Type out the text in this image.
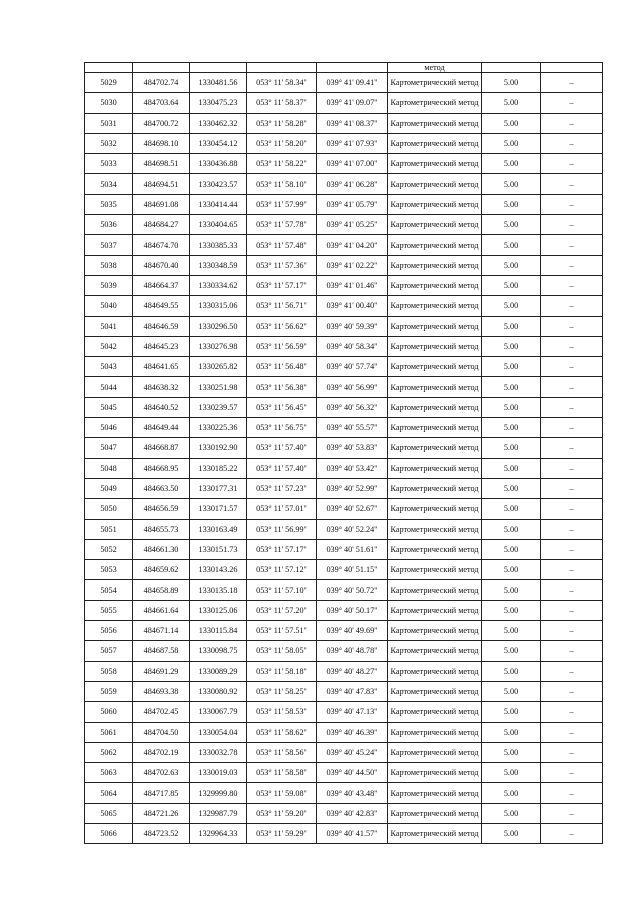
					метод		
5029	484702.74	1330481.56	053° 11' 58.34"	039° 41' 09.41"	Картометрический метод	5.00	–
5030	484703.64	1330475.23	053° 11' 58.37"	039° 41' 09.07"	Картометрический метод	5.00	–
5031	484700.72	1330462.32	053° 11' 58.28"	039° 41' 08.37"	Картометрический метод	5.00	–
5032	484698.10	1330454.12	053° 11' 58.20"	039° 41' 07.93"	Картометрический метод	5.00	–
5033	484698.51	1330436.88	053° 11' 58.22"	039° 41' 07.00"	Картометрический метод	5.00	–
5034	484694.51	1330423.57	053° 11' 58.10"	039° 41' 06.28"	Картометрический метод	5.00	–
5035	484691.08	1330414.44	053° 11' 57.99"	039° 41' 05.79"	Картометрический метод	5.00	–
5036	484684.27	1330404.65	053° 11' 57.78"	039° 41' 05.25"	Картометрический метод	5.00	–
5037	484674.70	1330385.33	053° 11' 57.48"	039° 41' 04.20"	Картометрический метод	5.00	–
5038	484670.40	1330348.59	053° 11' 57.36"	039° 41' 02.22"	Картометрический метод	5.00	–
5039	484664.37	1330334.62	053° 11' 57.17"	039° 41' 01.46"	Картометрический метод	5.00	–
5040	484649.55	1330315.06	053° 11' 56.71"	039° 41' 00.40"	Картометрический метод	5.00	–
5041	484646.59	1330296.50	053° 11' 56.62"	039° 40' 59.39"	Картометрический метод	5.00	–
5042	484645.23	1330276.98	053° 11' 56.59"	039° 40' 58.34"	Картометрический метод	5.00	–
5043	484641.65	1330265.82	053° 11' 56.48"	039° 40' 57.74"	Картометрический метод	5.00	–
5044	484638.32	1330251.98	053° 11' 56.38"	039° 40' 56.99"	Картометрический метод	5.00	–
5045	484640.52	1330239.57	053° 11' 56.45"	039° 40' 56.32"	Картометрический метод	5.00	–
5046	484649.44	1330225.36	053° 11' 56.75"	039° 40' 55.57"	Картометрический метод	5.00	–
5047	484668.87	1330192.90	053° 11' 57.40"	039° 40' 53.83"	Картометрический метод	5.00	–
5048	484668.95	1330185.22	053° 11' 57.40"	039° 40' 53.42"	Картометрический метод	5.00	–
5049	484663.50	1330177.31	053° 11' 57.23"	039° 40' 52.99"	Картометрический метод	5.00	–
5050	484656.59	1330171.57	053° 11' 57.01"	039° 40' 52.67"	Картометрический метод	5.00	–
5051	484655.73	1330163.49	053° 11' 56.99"	039° 40' 52.24"	Картометрический метод	5.00	–
5052	484661.30	1330151.73	053° 11' 57.17"	039° 40' 51.61"	Картометрический метод	5.00	–
5053	484659.62	1330143.26	053° 11' 57.12"	039° 40' 51.15"	Картометрический метод	5.00	–
5054	484658.89	1330135.18	053° 11' 57.10"	039° 40' 50.72"	Картометрический метод	5.00	–
5055	484661.64	1330125.06	053° 11' 57.20"	039° 40' 50.17"	Картометрический метод	5.00	–
5056	484671.14	1330115.84	053° 11' 57.51"	039° 40' 49.69"	Картометрический метод	5.00	–
5057	484687.58	1330098.75	053° 11' 58.05"	039° 40' 48.78"	Картометрический метод	5.00	–
5058	484691.29	1330089.29	053° 11' 58.18"	039° 40' 48.27"	Картометрический метод	5.00	–
5059	484693.38	1330080.92	053° 11' 58.25"	039° 40' 47.83"	Картометрический метод	5.00	–
5060	484702.45	1330067.79	053° 11' 58.53"	039° 40' 47.13"	Картометрический метод	5.00	–
5061	484704.50	1330054.04	053° 11' 58.62"	039° 40' 46.39"	Картометрический метод	5.00	–
5062	484702.19	1330032.78	053° 11' 58.56"	039° 40' 45.24"	Картометрический метод	5.00	–
5063	484702.63	1330019.03	053° 11' 58.58"	039° 40' 44.50"	Картометрический метод	5.00	–
5064	484717.85	1329999.80	053° 11' 59.08"	039° 40' 43.48"	Картометрический метод	5.00	–
5065	484721.26	1329987.79	053° 11' 59.20"	039° 40' 42.83"	Картометрический метод	5.00	–
5066	484723.52	1329964.33	053° 11' 59.29"	039° 40' 41.57"	Картометрический метод	5.00	–
